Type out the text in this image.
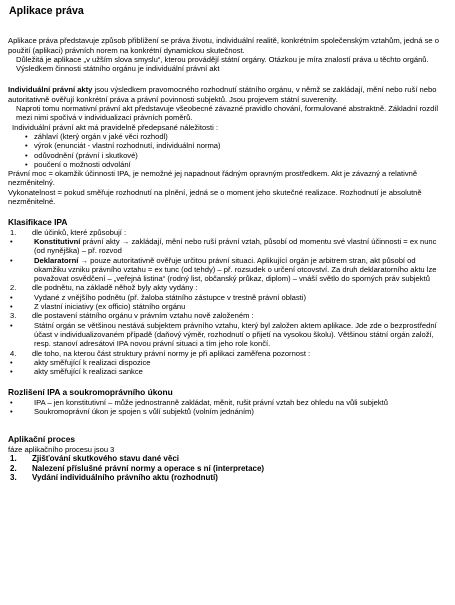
Aplikace práva

Aplikace práva představuje způsob přiblížení se práva životu, individuální realitě, konkrétním společenským vztahům, jedná se o použití (aplikaci) právních norem na konkrétní dynamickou skutečnost.

Důležitá je aplikace „v užším slova smyslu“, kterou provádějí státní orgány. Otázkou je míra znalostí práva u těchto orgánů.

Výsledkem činnosti státního orgánu je individuální právní akt

Individuální právní akty jsou výsledkem pravomocného rozhodnutí státního orgánu, v němž se zakládají, mění nebo ruší nebo autoritativně ověřují konkrétní práva a právní povinnosti subjektů. Jsou projevem státní suverenity.

Naproti tomu normativní právní akt představuje všeobecné závazné pravidlo chování, formulované abstraktně. Základní rozdíl mezi nimi spočívá v individualizaci právních poměrů.

Individuální právní akt má pravidelně předepsané náležitosti :

• záhlaví (který orgán v jaké věci rozhodl)
• výrok (enunciát - vlastní rozhodnutí, individuální norma)
• odůvodnění (právní i skutkové)
• poučení o možnosti odvolání

Právní moc = okamžik účinnosti IPA, je nemožné jej napadnout řádným opravným prostředkem. Akt je závazný a relativně nezměnitelný.

Vykonatelnost = pokud směřuje rozhodnutí na plnění, jedná se o moment jeho skutečné realizace. Rozhodnutí je absolutně nezměnitelné.

Klasifikace IPA

1. dle účinků, které způsobují :

• Konstitutivní právní akty → zakládají, mění nebo ruší právní vztah, působí od momentu své vlastní účinnosti = ex nunc (od nynějška) – př. rozvod

• Deklaratorní → pouze autoritativně ověřuje určitou právní situaci. Aplikující orgán je arbitrem stran, akt působí od okamžiku vzniku právního vztahu = ex tunc (od tehdy) – př. rozsudek o určení otcovství. Za druh deklaratorního aktu lze považovat osvědčení – „veřejná listina“ (rodný list, občanský průkaz, diplom) – vnáší světlo do sporných práv subjektů

2. dle podnětu, na základě něhož byly akty vydány :

• Vydané z vnějšího podnětu (př. žaloba státního zástupce v trestně právní oblasti)

• Z vlastní iniciativy (ex officio) státního orgánu

3. dle postavení státního orgánu v právním vztahu nově založeném :

• Státní orgán se většinou nestává subjektem právního vztahu, který byl založen aktem aplikace. Jde zde o bezprostřední účast v individualizovaném případě (daňový výměr, rozhodnutí o přijetí na vysokou školu). Většinou státní orgán založí, resp. stanoví adresátovi IPA novou právní situaci a tím jeho role končí.

4. dle toho, na kterou část struktury právní normy je při aplikaci zaměřena pozornost :

• akty směřující k realizaci dispozice

• akty směřující k realizaci sankce

Rozlišení IPA a soukromoprávního úkonu

• IPA – jen konstitutivní – může jednostranně zakládat, měnit, rušit právní vztah bez ohledu na vůli subjektů

• Soukromoprávní úkon je spojen s vůlí subjektů (volním jednáním)

Aplikační proces

fáze aplikačního procesu jsou 3

1. Zjišťování skutkového stavu dané věci

2. Nalezení příslušné právní normy a operace s ní (interpretace)

3. Vydání individuálního právního aktu (rozhodnutí)
